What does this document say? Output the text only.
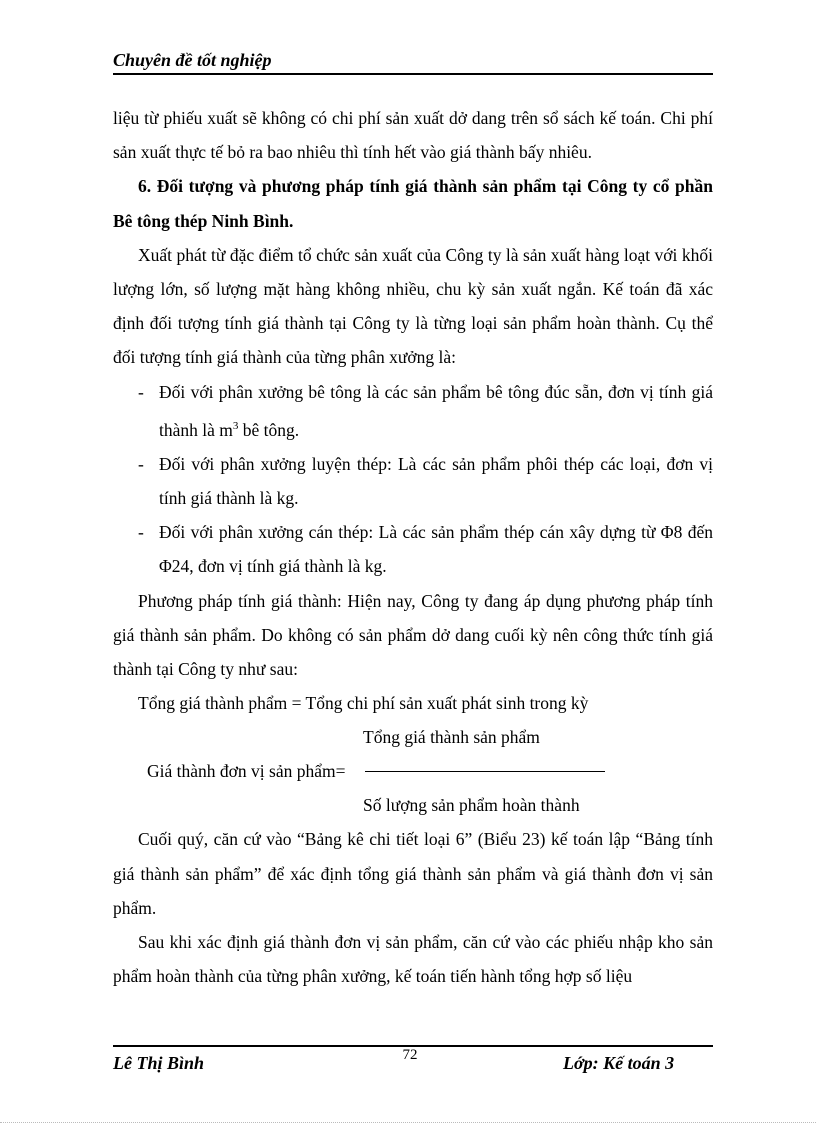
Chuyên đề tốt nghiệp

liệu từ phiếu xuất sẽ không có chi phí sản xuất dở dang trên sổ sách kế toán. Chi phí sản xuất thực tế bỏ ra bao nhiêu thì tính hết vào giá thành bấy nhiêu.

6. Đối tượng và phương pháp tính giá thành sản phẩm tại Công ty cổ phần Bê tông thép Ninh Bình.

Xuất phát từ đặc điểm tổ chức sản xuất của Công ty là sản xuất hàng loạt với khối lượng lớn, số lượng mặt hàng không nhiều, chu kỳ sản xuất ngắn. Kế toán đã xác định đối tượng tính giá thành tại Công ty là từng loại sản phẩm hoàn thành. Cụ thể đối tượng tính giá thành của từng phân xưởng là:

- Đối với phân xưởng bê tông là các sản phẩm bê tông đúc sẵn, đơn vị tính giá thành là $m^3$ bê tông.
- Đối với phân xưởng luyện thép: Là các sản phẩm phôi thép các loại, đơn vị tính giá thành là kg.
- Đối với phân xưởng cán thép: Là các sản phẩm thép cán xây dựng từ Φ8 đến Φ24, đơn vị tính giá thành là kg.

Phương pháp tính giá thành: Hiện nay, Công ty đang áp dụng phương pháp tính giá thành sản phẩm. Do không có sản phẩm dở dang cuối kỳ nên công thức tính giá thành tại Công ty như sau:

Tổng giá thành phẩm = Tổng chi phí sản xuất phát sinh trong kỳ

Tổng giá thành sản phẩm
Giá thành đơn vị sản phẩm=
Số lượng sản phẩm hoàn thành

Cuối quý, căn cứ vào “Bảng kê chi tiết loại 6” (Biểu 23) kế toán lập “Bảng tính giá thành sản phẩm” để xác định tổng giá thành sản phẩm và giá thành đơn vị sản phẩm.

Sau khi xác định giá thành đơn vị sản phẩm, căn cứ vào các phiếu nhập kho sản phẩm hoàn thành của từng phân xưởng, kế toán tiến hành tổng hợp số liệu

Lê Thị Bình	72	Lớp: Kế toán 3
